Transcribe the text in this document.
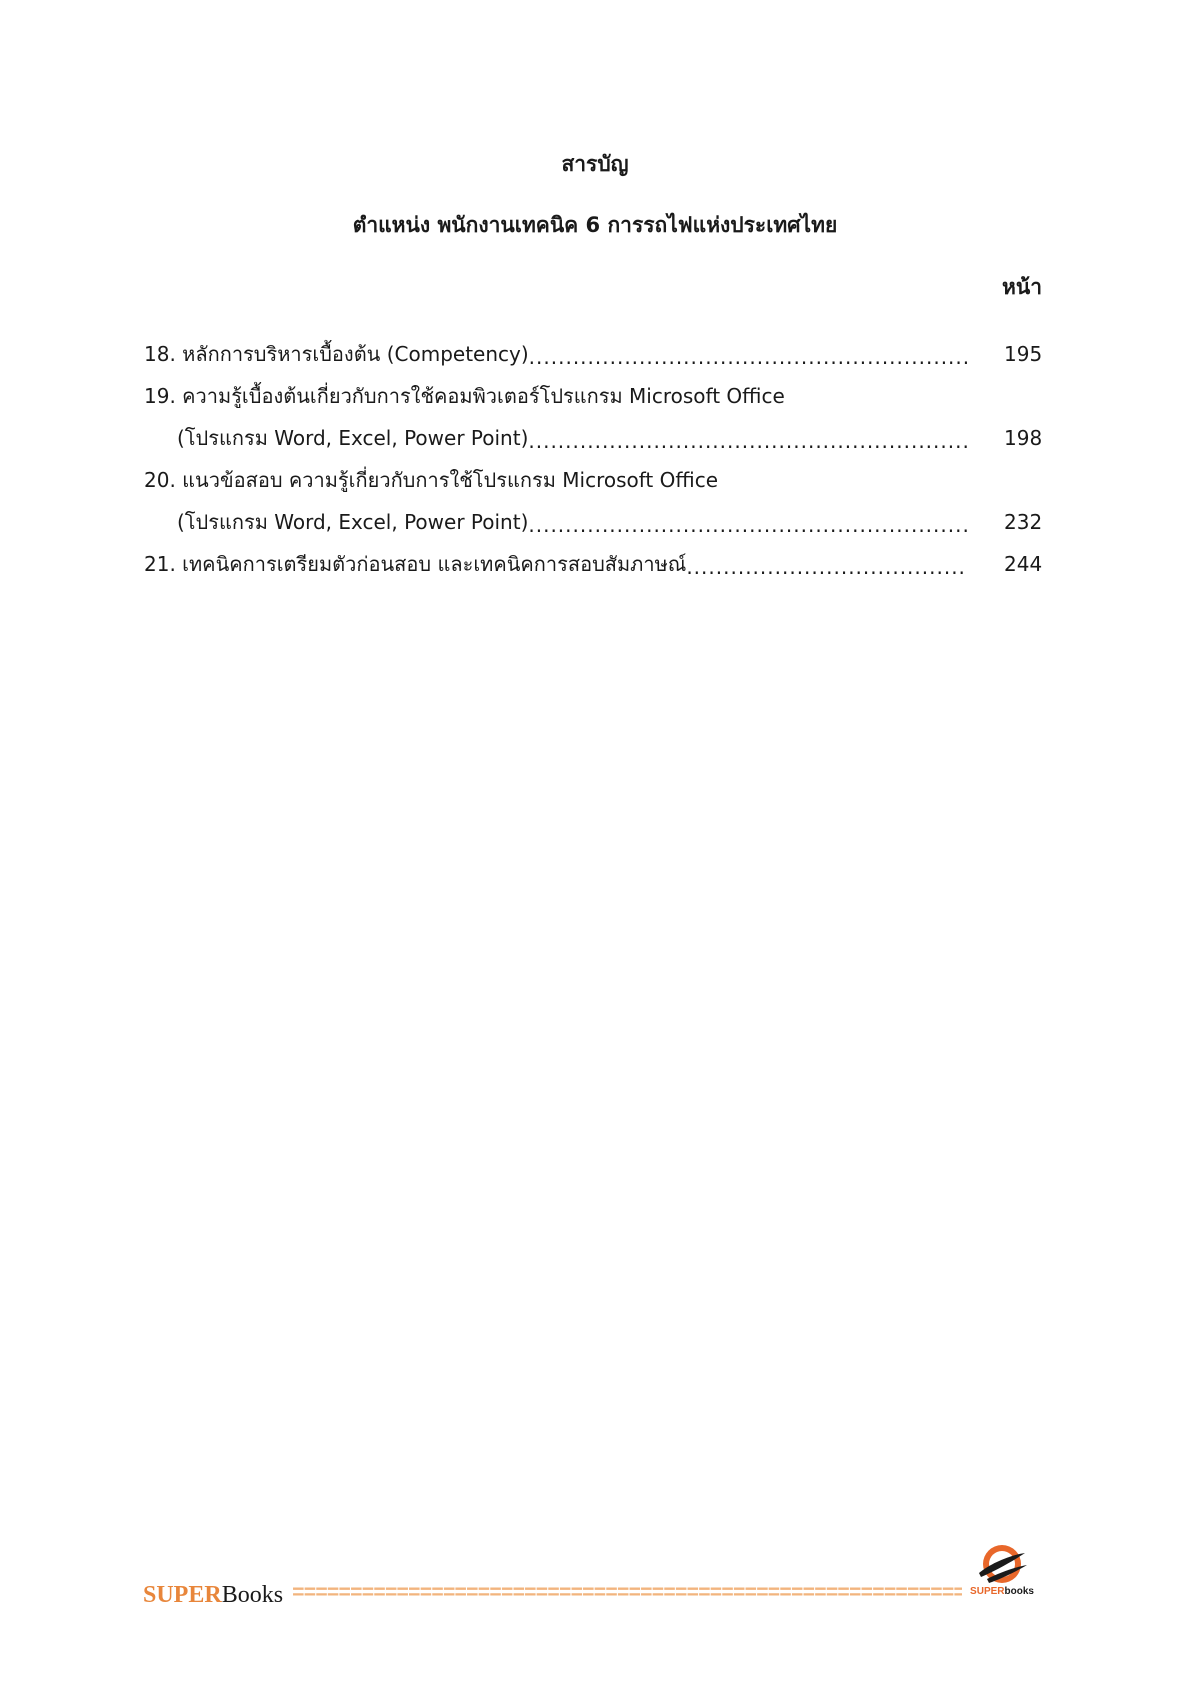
สารบัญ
ตำแหน่ง พนักงานเทคนิค 6 การรถไฟแห่งประเทศไทย
หน้า
18. หลักการบริหารเบื้องต้น (Competency) .....	195
19. ความรู้เบื้องต้นเกี่ยวกับการใช้คอมพิวเตอร์โปรแกรม Microsoft Office
(โปรแกรม Word, Excel, Power Point) .....	198
20. แนวข้อสอบ ความรู้เกี่ยวกับการใช้โปรแกรม Microsoft Office
(โปรแกรม Word, Excel, Power Point) .....	232
21. เทคนิคการเตรียมตัวก่อนสอบ และเทคนิคการสอบสัมภาษณ์ .....	244
SUPERBooks =====	SUPERbooks
